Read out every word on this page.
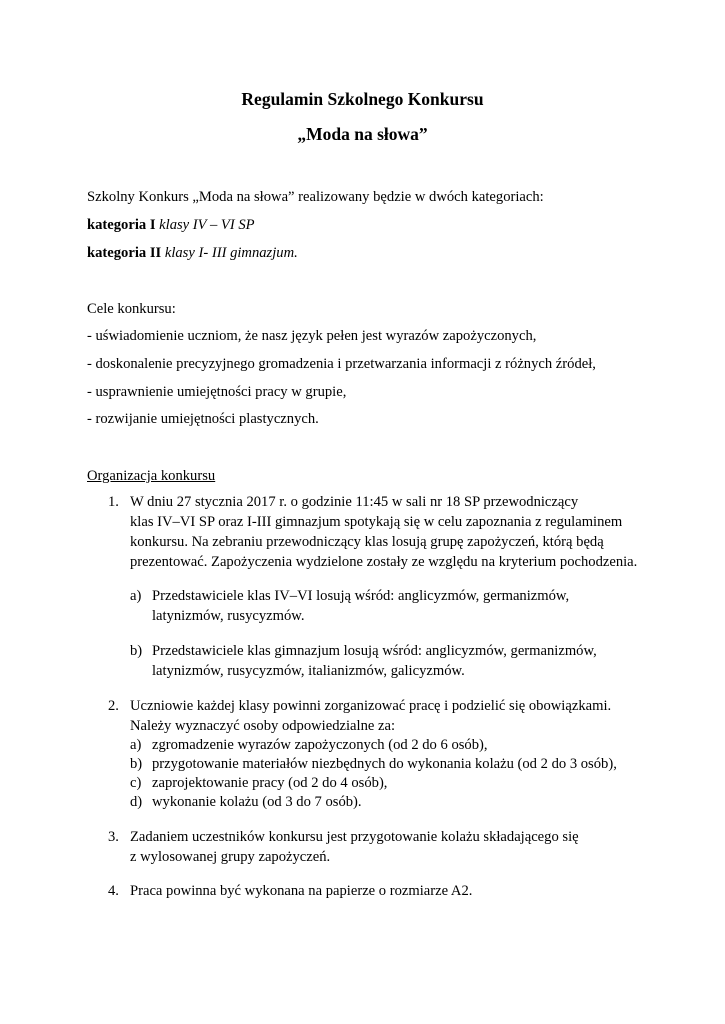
Regulamin Szkolnego Konkursu
„Moda na słowa”
Szkolny Konkurs „Moda na słowa” realizowany będzie w dwóch kategoriach:
kategoria I klasy IV – VI SP
kategoria II klasy I- III gimnazjum.
Cele konkursu:
- uświadomienie uczniom, że nasz język pełen jest wyrazów zapożyczonych,
- doskonalenie precyzyjnego gromadzenia i przetwarzania informacji z różnych źródeł,
- usprawnienie umiejętności pracy w grupie,
- rozwijanie umiejętności plastycznych.
Organizacja konkursu
1. W dniu 27 stycznia 2017 r. o godzinie 11:45 w sali nr 18 SP przewodniczący
klas IV–VI SP oraz I-III gimnazjum spotykają się w celu zapoznania z regulaminem
konkursu. Na zebraniu przewodniczący klas losują grupę zapożyczeń, którą będą
prezentować. Zapożyczenia wydzielone zostały ze względu na kryterium pochodzenia.
a) Przedstawiciele klas IV–VI losują wśród: anglicyzmów, germanizmów,
latynizmów, rusycyzmów.
b) Przedstawiciele klas gimnazjum losują wśród: anglicyzmów, germanizmów,
latynizmów, rusycyzmów, italianizmów, galicyzmów.
2. Uczniowie każdej klasy powinni zorganizować pracę i podzielić się obowiązkami.
Należy wyznaczyć osoby odpowiedzialne za:
a) zgromadzenie wyrazów zapożyczonych (od 2 do 6 osób),
b) przygotowanie materiałów niezbędnych do wykonania kolażu (od 2 do 3 osób),
c) zaprojektowanie pracy (od 2 do 4 osób),
d) wykonanie kolażu (od 3 do 7 osób).
3. Zadaniem uczestników konkursu jest przygotowanie kolażu składającego się
z wylosowanej grupy zapożyczeń.
4. Praca powinna być wykonana na papierze o rozmiarze A2.
